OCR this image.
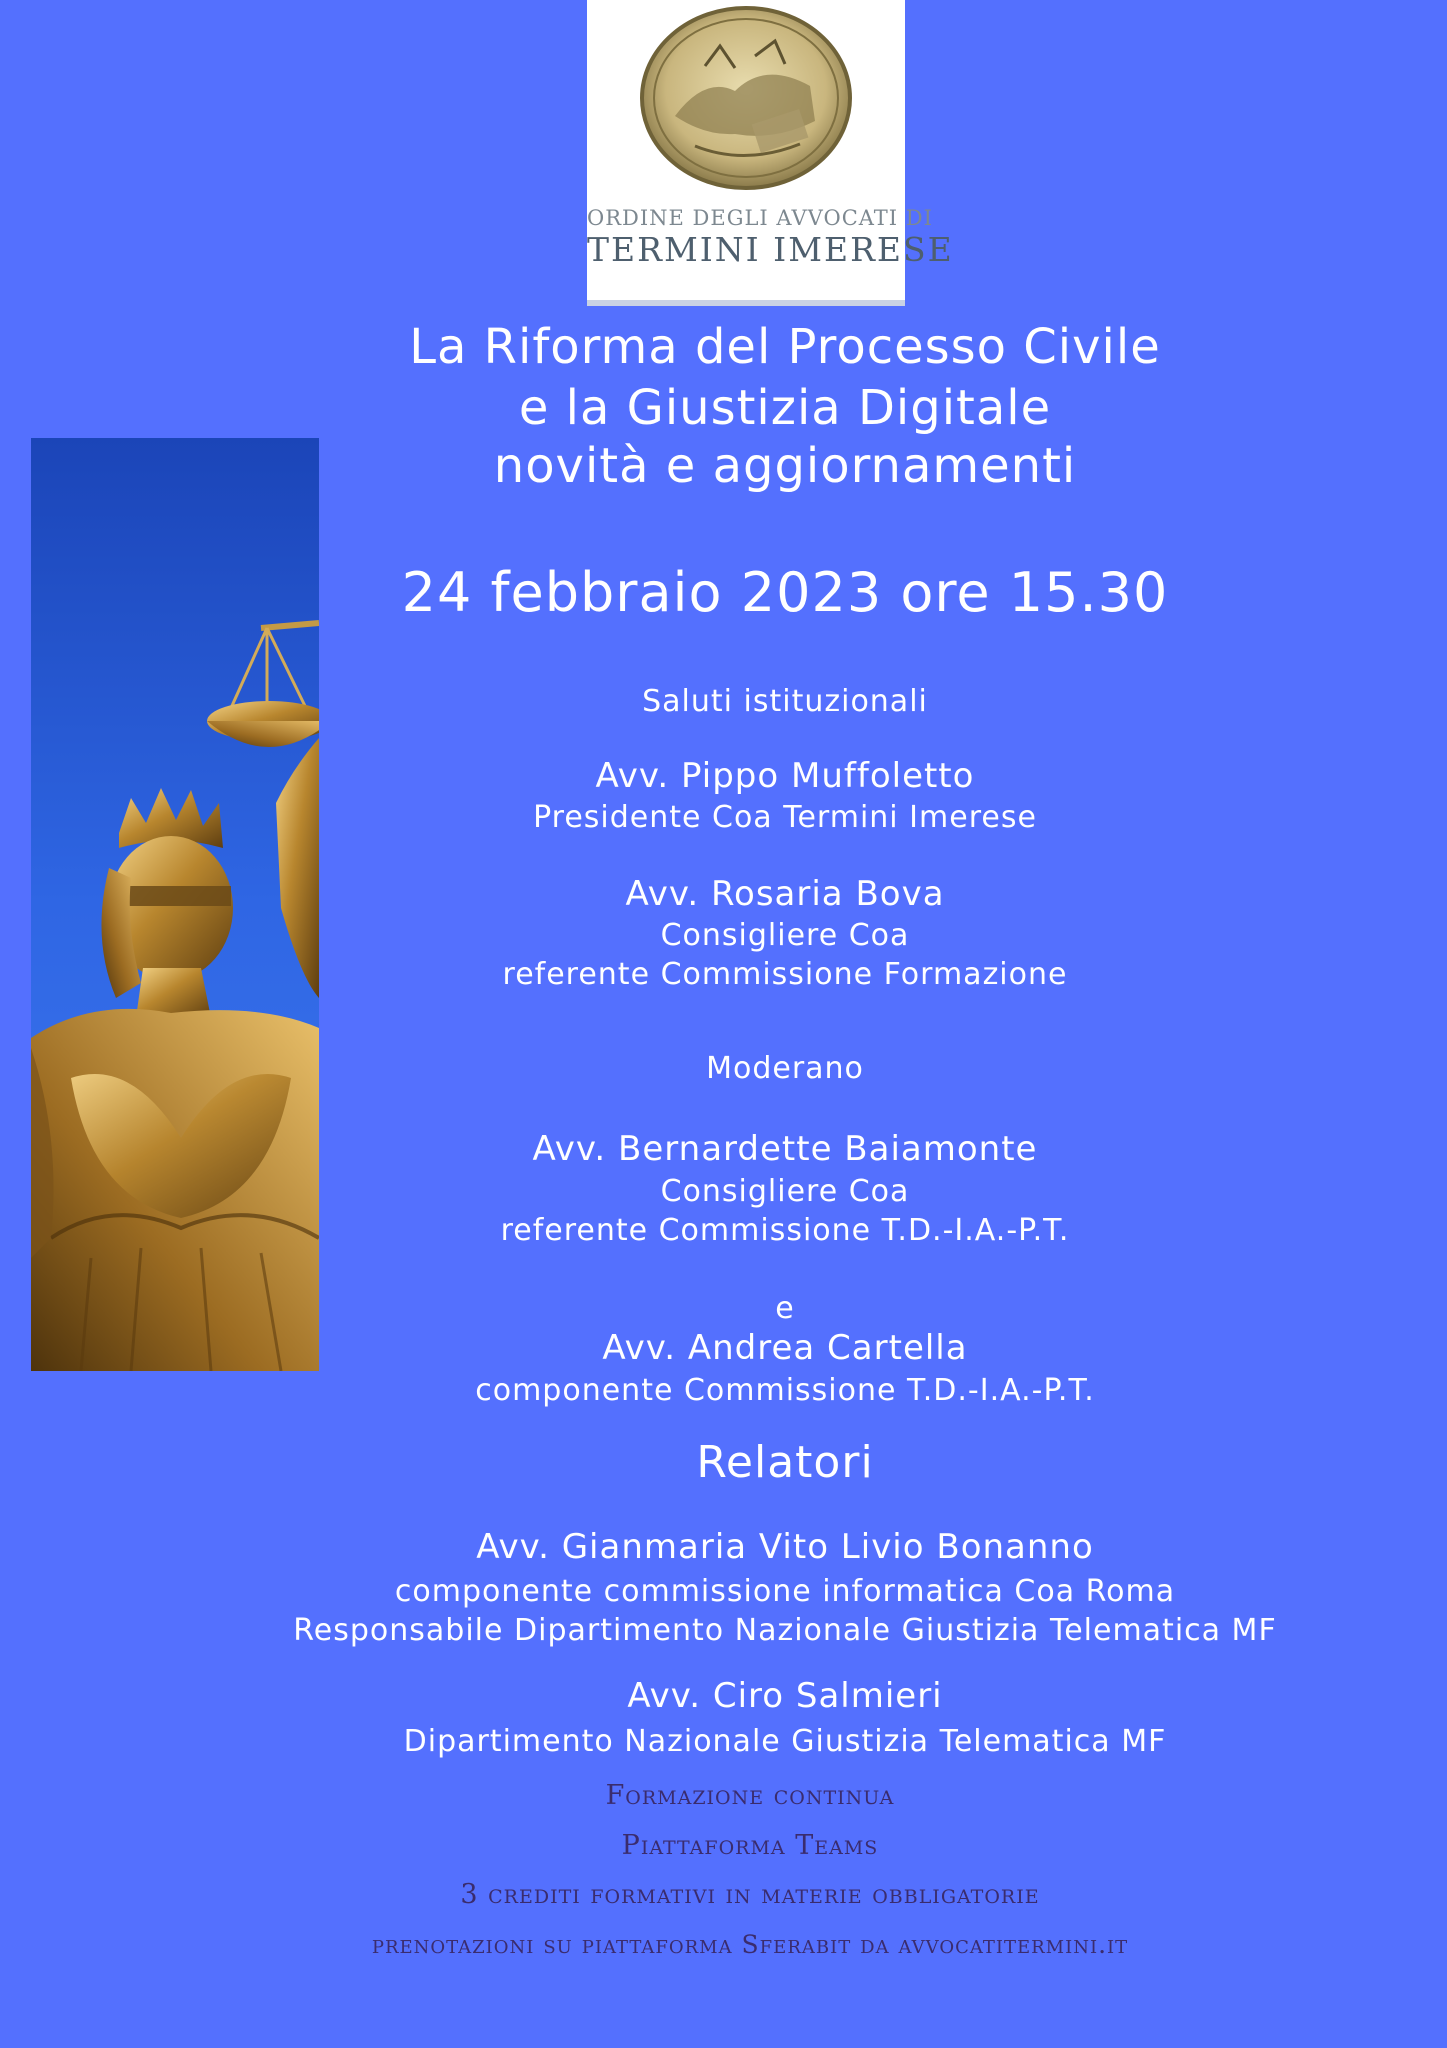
ORDINE DEGLI AVVOCATI DI
TERMINI IMERESE
La Riforma del Processo Civile
e la Giustizia Digitale
novità e aggiornamenti
24 febbraio 2023 ore 15.30
Saluti istituzionali
Avv. Pippo Muffoletto
Presidente Coa Termini Imerese
Avv. Rosaria Bova
Consigliere Coa
referente Commissione Formazione
Moderano
Avv. Bernardette Baiamonte
Consigliere Coa
referente Commissione T.D.-I.A.-P.T.
e
Avv. Andrea Cartella
componente Commissione T.D.-I.A.-P.T.
Relatori
Avv. Gianmaria Vito Livio Bonanno
componente commissione informatica Coa Roma
Responsabile Dipartimento Nazionale Giustizia Telematica MF
Avv. Ciro Salmieri
Dipartimento Nazionale Giustizia Telematica MF
Formazione continua
Piattaforma Teams
3 crediti formativi in materie obbligatorie
prenotazioni su piattaforma Sferabit da avvocatitermini.it
